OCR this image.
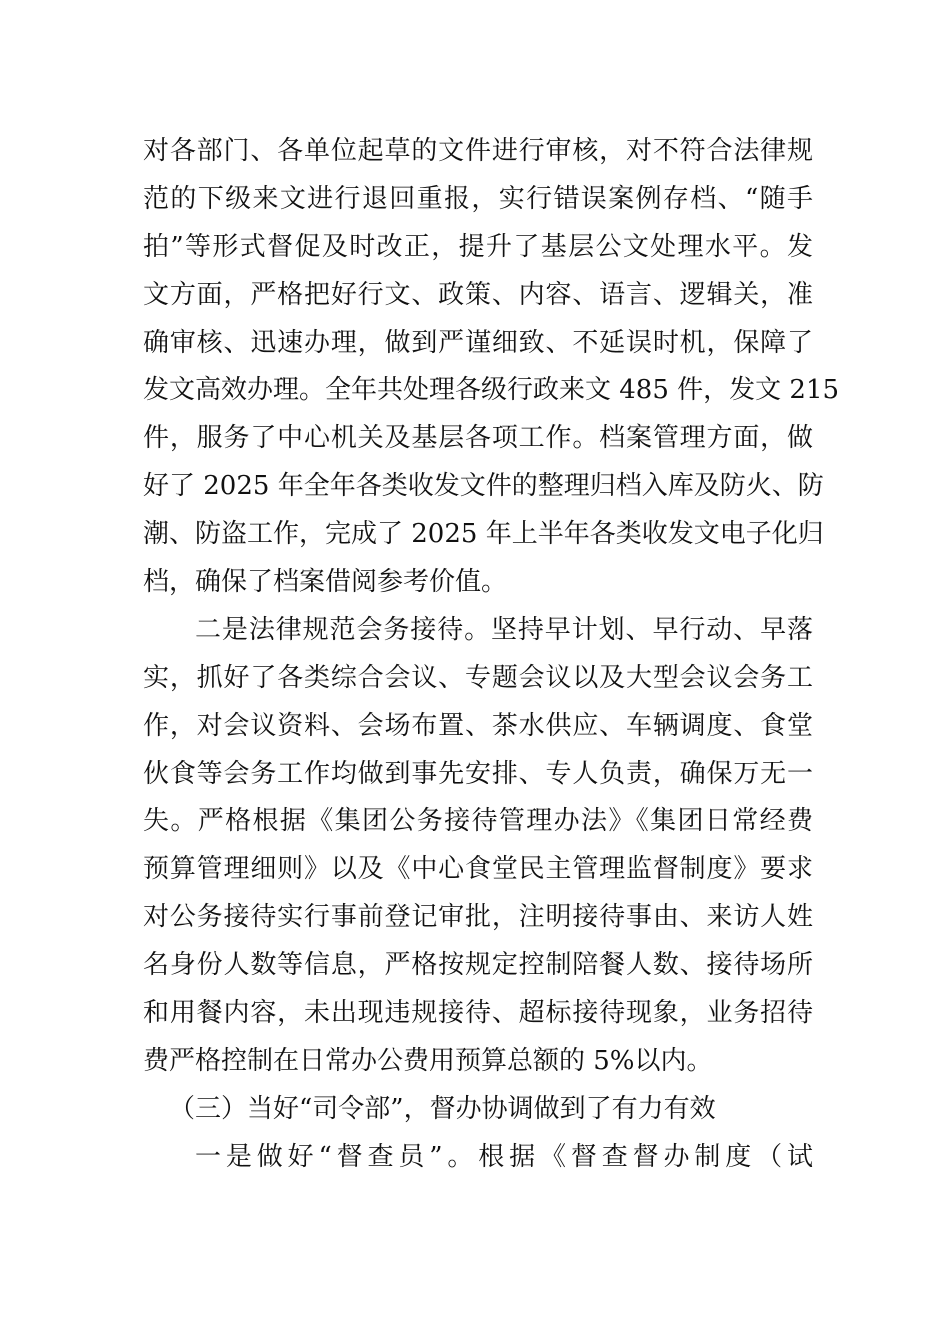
对各部门、各单位起草的文件进行审核，对不符合法律规
范的下级来文进行退回重报，实行错误案例存档、“随手
拍”等形式督促及时改正，提升了基层公文处理水平。发
文方面，严格把好行文、政策、内容、语言、逻辑关，准
确审核、迅速办理，做到严谨细致、不延误时机，保障了
发文高效办理。全年共处理各级行政来文 485 件，发文 215
件，服务了中心机关及基层各项工作。档案管理方面，做
好了 2025 年全年各类收发文件的整理归档入库及防火、防
潮、防盗工作，完成了 2025 年上半年各类收发文电子化归
档，确保了档案借阅参考价值。
二是法律规范会务接待。坚持早计划、早行动、早落
实，抓好了各类综合会议、专题会议以及大型会议会务工
作，对会议资料、会场布置、茶水供应、车辆调度、食堂
伙食等会务工作均做到事先安排、专人负责，确保万无一
失。严格根据《集团公务接待管理办法》《集团日常经费
预算管理细则》以及《中心食堂民主管理监督制度》要求
对公务接待实行事前登记审批，注明接待事由、来访人姓
名身份人数等信息，严格按规定控制陪餐人数、接待场所
和用餐内容，未出现违规接待、超标接待现象，业务招待
费严格控制在日常办公费用预算总额的 5%以内。
（三）当好“司令部”，督办协调做到了有力有效
一是做好“督查员”。根据《督查督办制度（试
